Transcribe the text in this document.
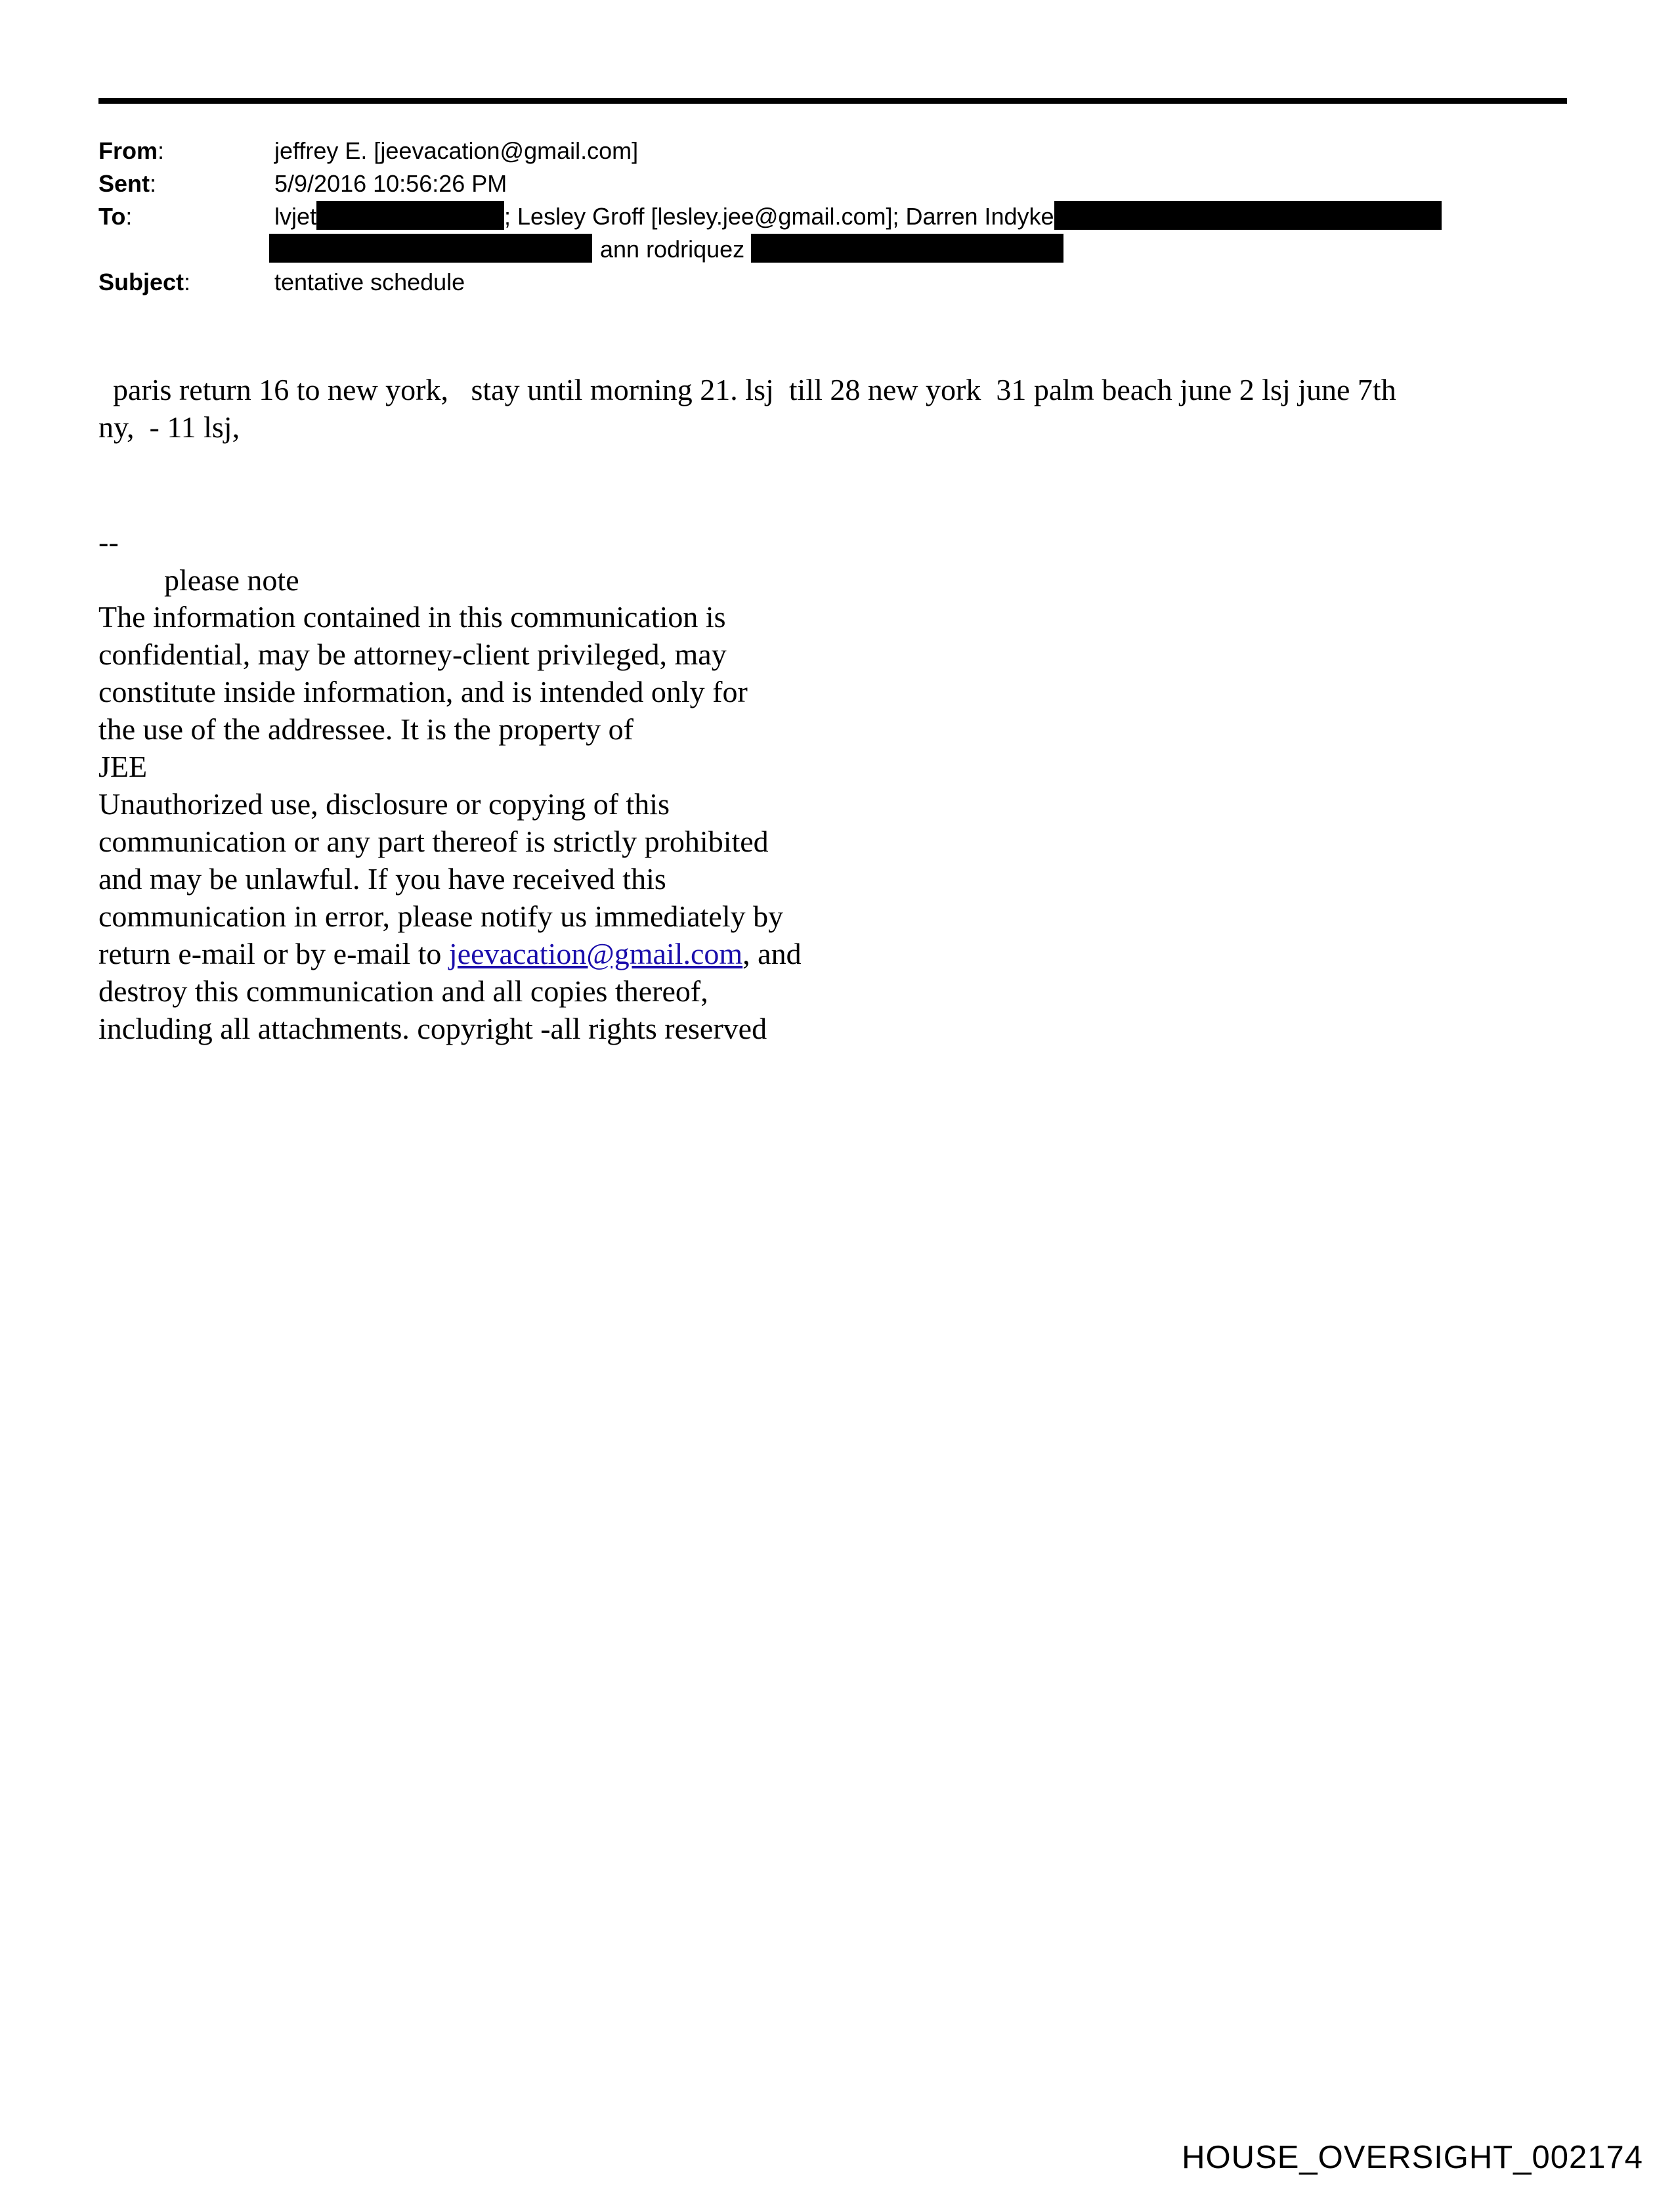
From:	jeffrey E. [jeevacation@gmail.com]
Sent:	5/9/2016 10:56:26 PM
To:	lvjet	; Lesley Groff [lesley.jee@gmail.com]; Darren Indyke
ann rodriquez
Subject:	tentative schedule
paris return 16 to new york,   stay until morning 21. lsj  till 28 new york  31 palm beach june 2 lsj june 7th
ny,  - 11 lsj,
--
please note
The information contained in this communication is
confidential, may be attorney-client privileged, may
constitute inside information, and is intended only for
the use of the addressee. It is the property of
JEE
Unauthorized use, disclosure or copying of this
communication or any part thereof is strictly prohibited
and may be unlawful. If you have received this
communication in error, please notify us immediately by
return e-mail or by e-mail to jeevacation@gmail.com, and
destroy this communication and all copies thereof,
including all attachments. copyright -all rights reserved
HOUSE_OVERSIGHT_002174
